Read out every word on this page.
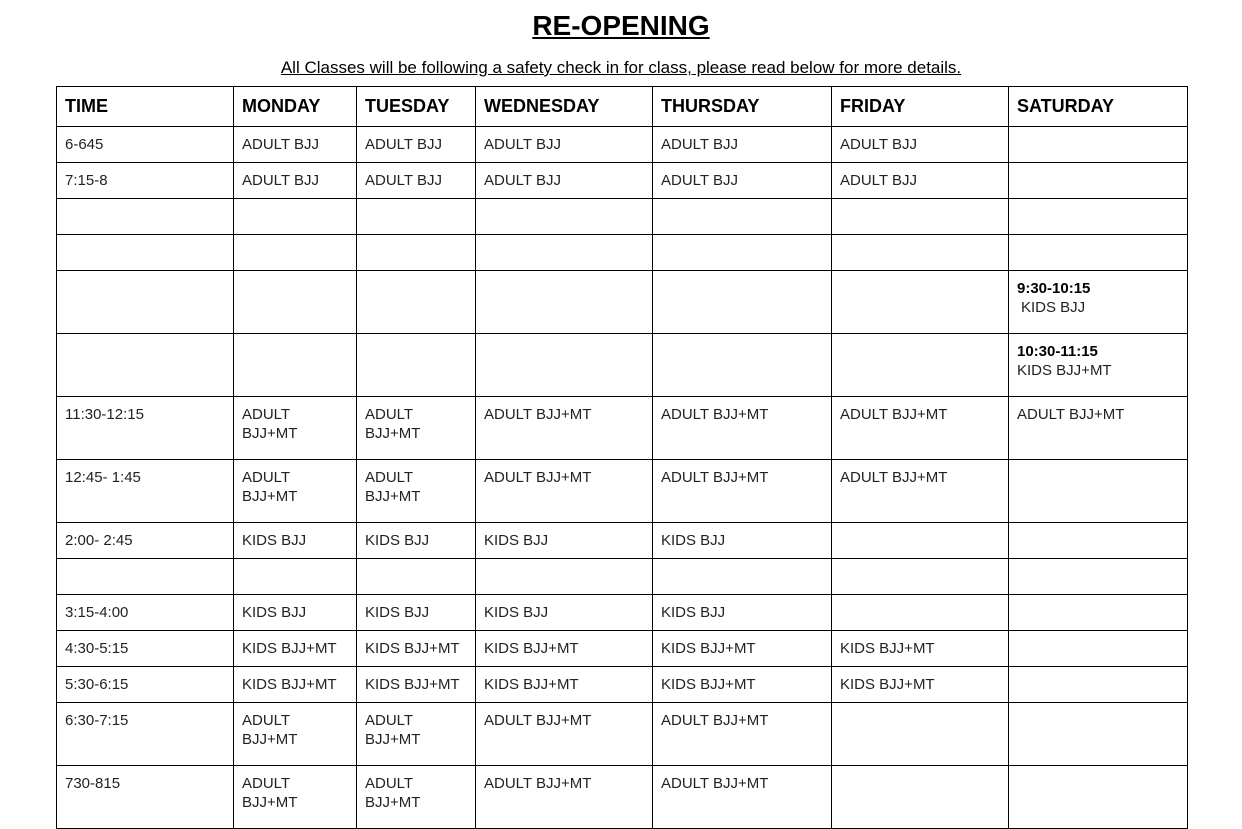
RE-OPENING
All Classes will be following a safety check in for class, please read below for more details.
TIME	MONDAY	TUESDAY	WEDNESDAY	THURSDAY	FRIDAY	SATURDAY
6-645	ADULT BJJ	ADULT BJJ	ADULT BJJ	ADULT BJJ	ADULT BJJ	

7:15-8	ADULT BJJ	ADULT BJJ	ADULT BJJ	ADULT BJJ	ADULT BJJ	

						9:30-10:15
KIDS BJJ

						10:30-11:15
KIDS BJJ+MT

11:30-12:15	ADULT
BJJ+MT	ADULT
BJJ+MT	ADULT BJJ+MT	ADULT BJJ+MT	ADULT BJJ+MT	ADULT BJJ+MT

12:45- 1:45	ADULT
BJJ+MT	ADULT
BJJ+MT	ADULT BJJ+MT	ADULT BJJ+MT	ADULT BJJ+MT	

2:00- 2:45	KIDS BJJ	KIDS BJJ	KIDS BJJ	KIDS BJJ		

3:15-4:00	KIDS BJJ	KIDS BJJ	KIDS BJJ	KIDS BJJ		

4:30-5:15	KIDS BJJ+MT	KIDS BJJ+MT	KIDS BJJ+MT	KIDS BJJ+MT	KIDS BJJ+MT	

5:30-6:15	KIDS BJJ+MT	KIDS BJJ+MT	KIDS BJJ+MT	KIDS BJJ+MT	KIDS BJJ+MT	

6:30-7:15	ADULT
BJJ+MT	ADULT
BJJ+MT	ADULT BJJ+MT	ADULT BJJ+MT		

730-815	ADULT
BJJ+MT	ADULT
BJJ+MT	ADULT BJJ+MT	ADULT BJJ+MT		
